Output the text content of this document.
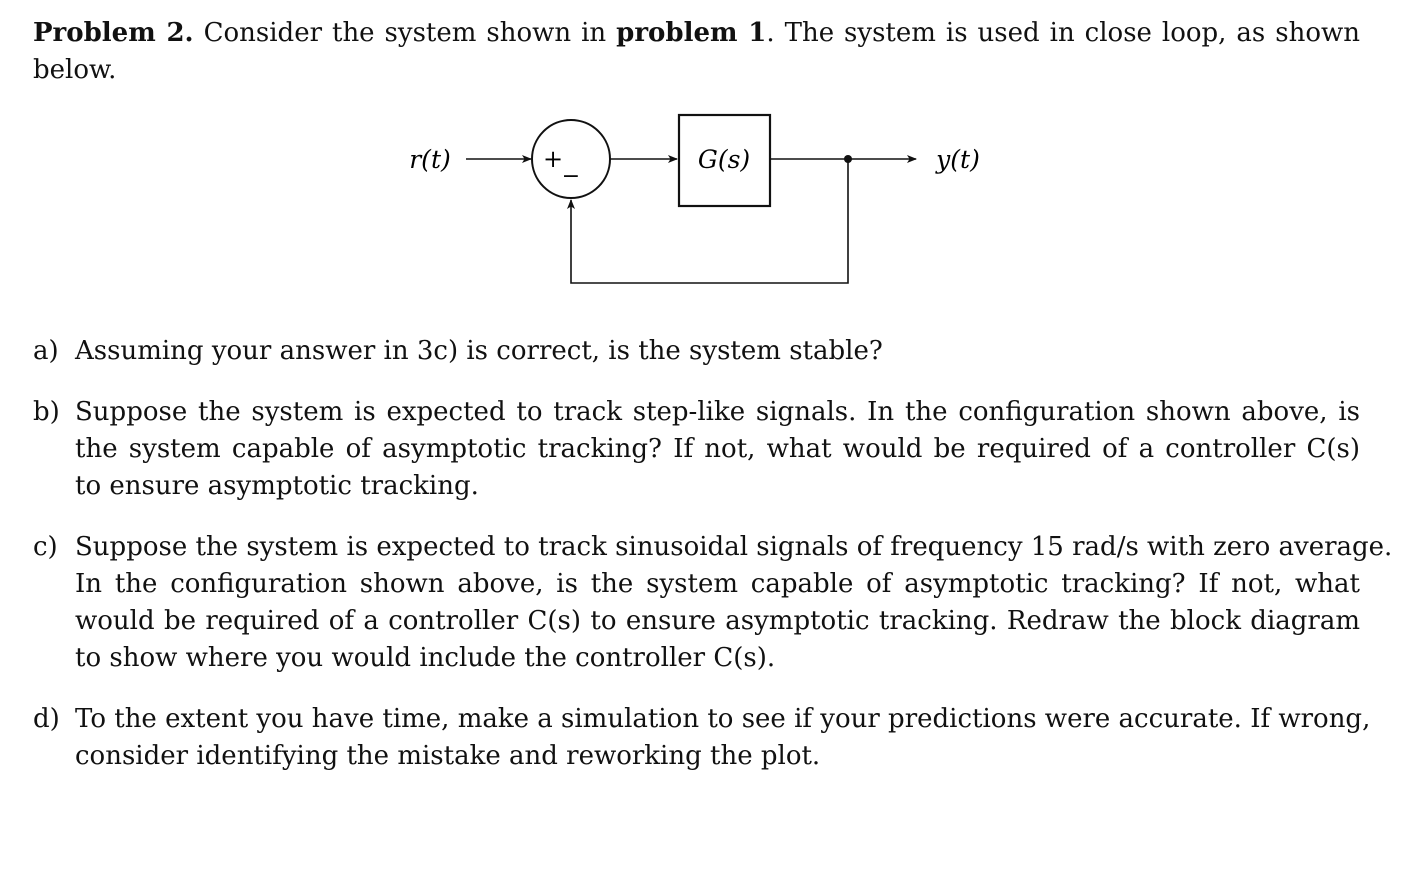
Problem 2. Consider the system shown in problem 1. The system is used in close loop, as shown
below.
r(t)	+
−
G(s)	y(t)
a) Assuming your answer in 3c) is correct, is the system stable?
b) Suppose the system is expected to track step-like signals. In the configuration shown above, is
the system capable of asymptotic tracking? If not, what would be required of a controller C(s)
to ensure asymptotic tracking.
c) Suppose the system is expected to track sinusoidal signals of frequency 15 rad/s with zero average.
In the configuration shown above, is the system capable of asymptotic tracking? If not, what
would be required of a controller C(s) to ensure asymptotic tracking. Redraw the block diagram
to show where you would include the controller C(s).
d) To the extent you have time, make a simulation to see if your predictions were accurate. If wrong,
consider identifying the mistake and reworking the plot.
